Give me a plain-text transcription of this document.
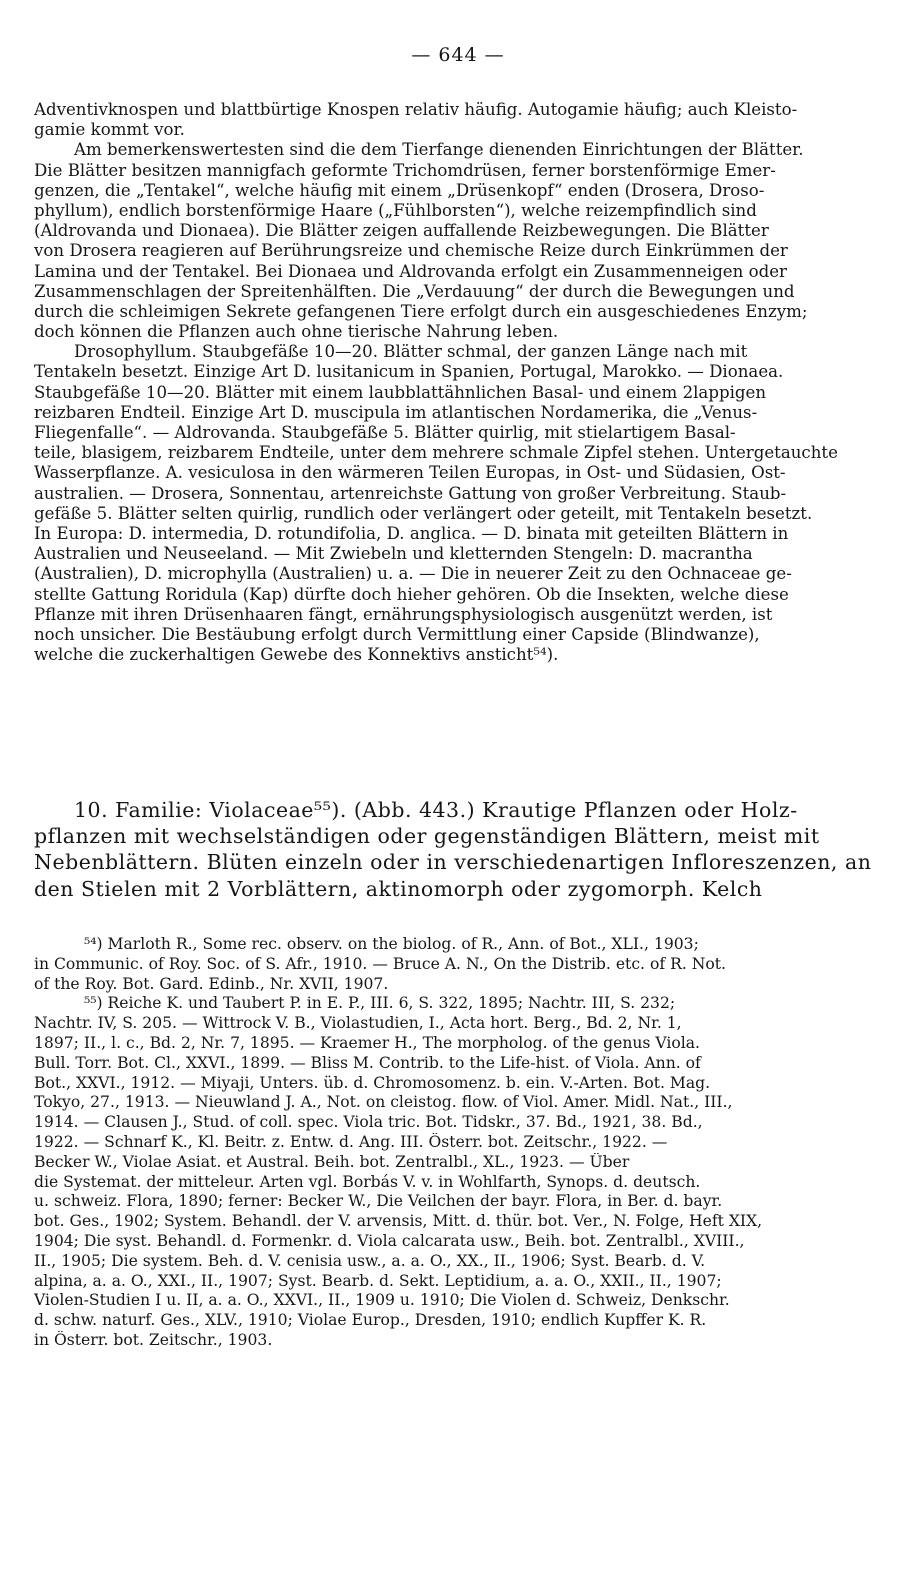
— 644 —
Adventivknospen und blattbürtige Knospen relativ häufig. Autogamie häufig; auch Kleisto-
gamie kommt vor.
Am bemerkenswertesten sind die dem Tierfange dienenden Einrichtungen der Blätter.
Die Blätter besitzen mannigfach geformte Trichomdrüsen, ferner borstenförmige Emer-
genzen, die „Tentakel“, welche häufig mit einem „Drüsenkopf“ enden (Drosera, Droso-
phyllum), endlich borstenförmige Haare („Fühlborsten“), welche reizempfindlich sind
(Aldrovanda und Dionaea). Die Blätter zeigen auffallende Reizbewegungen. Die Blätter
von Drosera reagieren auf Berührungsreize und chemische Reize durch Einkrümmen der
Lamina und der Tentakel. Bei Dionaea und Aldrovanda erfolgt ein Zusammenneigen oder
Zusammenschlagen der Spreitenhälften. Die „Verdauung“ der durch die Bewegungen und
durch die schleimigen Sekrete gefangenen Tiere erfolgt durch ein ausgeschiedenes Enzym;
doch können die Pflanzen auch ohne tierische Nahrung leben.
Drosophyllum. Staubgefäße 10—20. Blätter schmal, der ganzen Länge nach mit
Tentakeln besetzt. Einzige Art D. lusitanicum in Spanien, Portugal, Marokko. — Dionaea.
Staubgefäße 10—20. Blätter mit einem laubblattähnlichen Basal- und einem 2lappigen
reizbaren Endteil. Einzige Art D. muscipula im atlantischen Nordamerika, die „Venus-
Fliegenfalle“. — Aldrovanda. Staubgefäße 5. Blätter quirlig, mit stielartigem Basal-
teile, blasigem, reizbarem Endteile, unter dem mehrere schmale Zipfel stehen. Untergetauchte
Wasserpflanze. A. vesiculosa in den wärmeren Teilen Europas, in Ost- und Südasien, Ost-
australien. — Drosera, Sonnentau, artenreichste Gattung von großer Verbreitung. Staub-
gefäße 5. Blätter selten quirlig, rundlich oder verlängert oder geteilt, mit Tentakeln besetzt.
In Europa: D. intermedia, D. rotundifolia, D. anglica. — D. binata mit geteilten Blättern in
Australien und Neuseeland. — Mit Zwiebeln und kletternden Stengeln: D. macrantha
(Australien), D. microphylla (Australien) u. a. — Die in neuerer Zeit zu den Ochnaceae ge-
stellte Gattung Roridula (Kap) dürfte doch hieher gehören. Ob die Insekten, welche diese
Pflanze mit ihren Drüsenhaaren fängt, ernährungsphysiologisch ausgenützt werden, ist
noch unsicher. Die Bestäubung erfolgt durch Vermittlung einer Capside (Blindwanze),
welche die zuckerhaltigen Gewebe des Konnektivs ansticht⁵⁴).
10. Familie: Violaceae⁵⁵). (Abb. 443.) Krautige Pflanzen oder Holz-
pflanzen mit wechselständigen oder gegenständigen Blättern, meist mit
Nebenblättern. Blüten einzeln oder in verschiedenartigen Infloreszenzen, an
den Stielen mit 2 Vorblättern, aktinomorph oder zygomorph. Kelch
⁵⁴) Marloth R., Some rec. observ. on the biolog. of R., Ann. of Bot., XLI., 1903;
in Communic. of Roy. Soc. of S. Afr., 1910. — Bruce A. N., On the Distrib. etc. of R. Not.
of the Roy. Bot. Gard. Edinb., Nr. XVII, 1907.
⁵⁵) Reiche K. und Taubert P. in E. P., III. 6, S. 322, 1895; Nachtr. III, S. 232;
Nachtr. IV, S. 205. — Wittrock V. B., Violastudien, I., Acta hort. Berg., Bd. 2, Nr. 1,
1897; II., l. c., Bd. 2, Nr. 7, 1895. — Kraemer H., The morpholog. of the genus Viola.
Bull. Torr. Bot. Cl., XXVI., 1899. — Bliss M. Contrib. to the Life-hist. of Viola. Ann. of
Bot., XXVI., 1912. — Miyaji, Unters. üb. d. Chromosomenz. b. ein. V.-Arten. Bot. Mag.
Tokyo, 27., 1913. — Nieuwland J. A., Not. on cleistog. flow. of Viol. Amer. Midl. Nat., III.,
1914. — Clausen J., Stud. of coll. spec. Viola tric. Bot. Tidskr., 37. Bd., 1921, 38. Bd.,
1922. — Schnarf K., Kl. Beitr. z. Entw. d. Ang. III. Österr. bot. Zeitschr., 1922. —
Becker W., Violae Asiat. et Austral. Beih. bot. Zentralbl., XL., 1923. — Über
die Systemat. der mitteleur. Arten vgl. Borbás V. v. in Wohlfarth, Synops. d. deutsch.
u. schweiz. Flora, 1890; ferner: Becker W., Die Veilchen der bayr. Flora, in Ber. d. bayr.
bot. Ges., 1902; System. Behandl. der V. arvensis, Mitt. d. thür. bot. Ver., N. Folge, Heft XIX,
1904; Die syst. Behandl. d. Formenkr. d. Viola calcarata usw., Beih. bot. Zentralbl., XVIII.,
II., 1905; Die system. Beh. d. V. cenisia usw., a. a. O., XX., II., 1906; Syst. Bearb. d. V.
alpina, a. a. O., XXI., II., 1907; Syst. Bearb. d. Sekt. Leptidium, a. a. O., XXII., II., 1907;
Violen-Studien I u. II, a. a. O., XXVI., II., 1909 u. 1910; Die Violen d. Schweiz, Denkschr.
d. schw. naturf. Ges., XLV., 1910; Violae Europ., Dresden, 1910; endlich Kupffer K. R.
in Österr. bot. Zeitschr., 1903.
